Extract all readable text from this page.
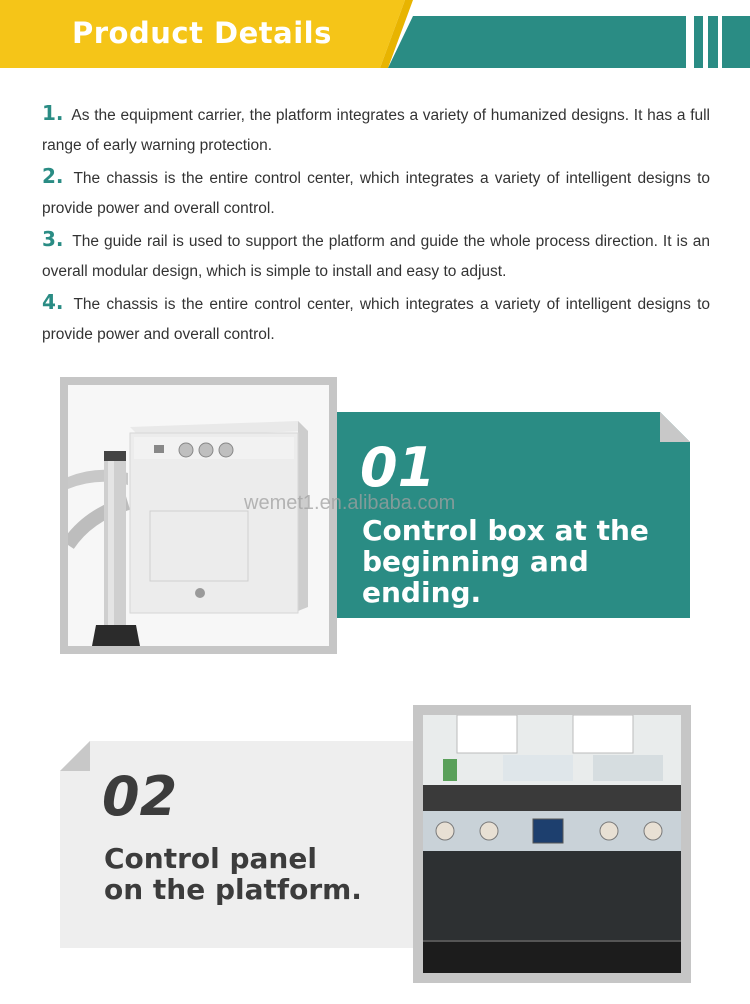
Product Details
1. As the equipment carrier, the platform integrates a variety of humanized designs. It has a full range of early warning protection.
2. The chassis is the entire control center, which integrates a variety of intelligent designs to provide power and overall control.
3. The guide rail is used to support the platform and guide the whole process direction. It is an overall modular design, which is simple to install and easy to adjust.
4. The chassis is the entire control center, which integrates a variety of intelligent designs to provide power and overall control.
01
Control box at the
beginning and
ending.
wemet1.en.alibaba.com
02
Control panel
on the platform.
